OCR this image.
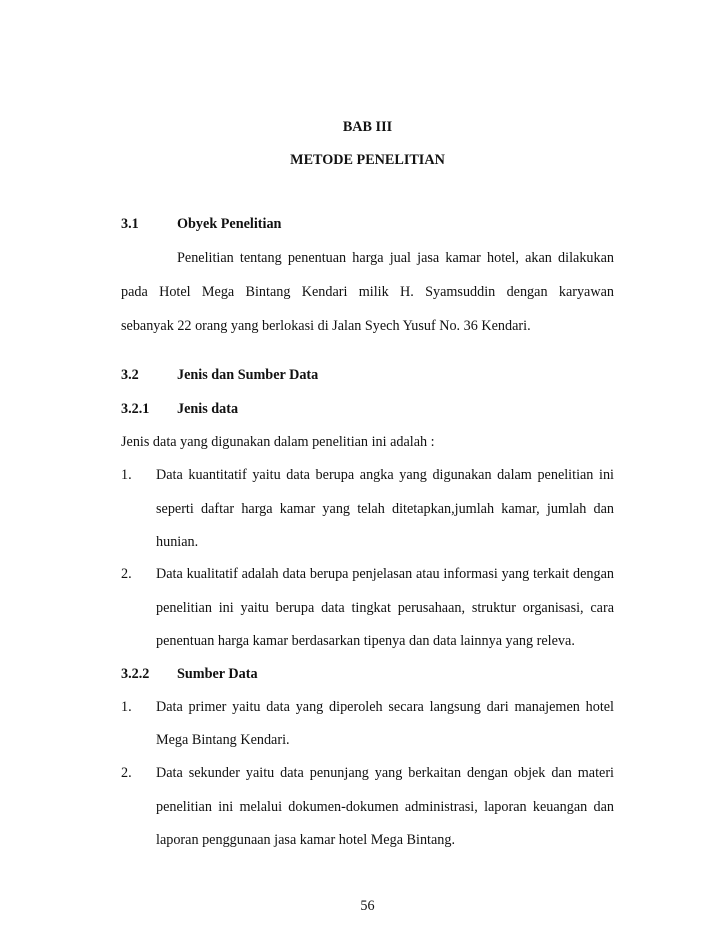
BAB III
METODE PENELITIAN
3.1	Obyek Penelitian
Penelitian tentang penentuan harga jual jasa kamar hotel, akan dilakukan
pada Hotel Mega Bintang Kendari milik H. Syamsuddin dengan karyawan
sebanyak 22 orang yang berlokasi di Jalan Syech Yusuf No. 36 Kendari.
3.2	Jenis dan Sumber Data
3.2.1 Jenis data
Jenis data yang digunakan dalam penelitian ini adalah :
1. Data kuantitatif yaitu data berupa angka yang digunakan dalam penelitian ini
seperti daftar harga kamar yang telah ditetapkan,jumlah kamar, jumlah dan
hunian.
2. Data kualitatif adalah data berupa penjelasan atau informasi yang terkait dengan
penelitian ini yaitu berupa data tingkat perusahaan, struktur organisasi, cara
penentuan harga kamar berdasarkan tipenya dan data lainnya yang releva.
3.2.2 Sumber Data
1. Data primer yaitu data yang diperoleh secara langsung dari manajemen hotel
Mega Bintang Kendari.
2. Data sekunder yaitu data penunjang yang berkaitan dengan objek dan materi
penelitian ini melalui dokumen-dokumen administrasi, laporan keuangan dan
laporan penggunaan jasa kamar hotel Mega Bintang.
56
